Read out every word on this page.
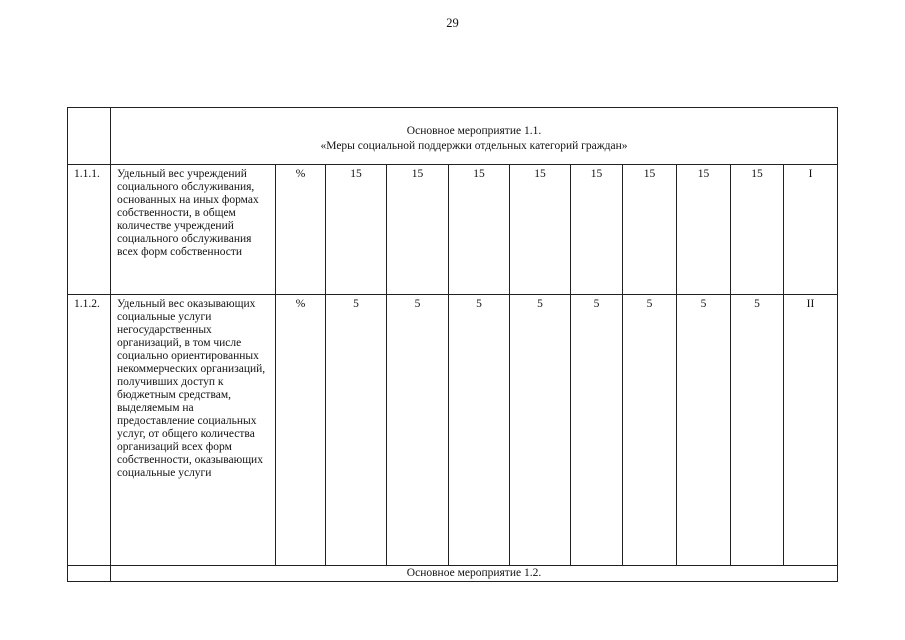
29

	Основное мероприятие 1.1.
«Меры социальной поддержки отдельных категорий граждан»										

1.1.1.	Удельный вес учреждений социального обслуживания, основанных на иных формах собственности, в общем количестве учреждений социального обслуживания всех форм собственности	%	15	15	15	15	15	15	15	15	I
1.1.2.	Удельный вес оказывающих социальные услуги негосударственных организаций, в том числе социально ориентированных некоммерческих организаций, получивших доступ к бюджетным средствам, выделяемым на предоставление социальных услуг, от общего количества организаций всех форм собственности, оказывающих социальные услуги	%	5	5	5	5	5	5	5	5	II
	Основное мероприятие 1.2.										
